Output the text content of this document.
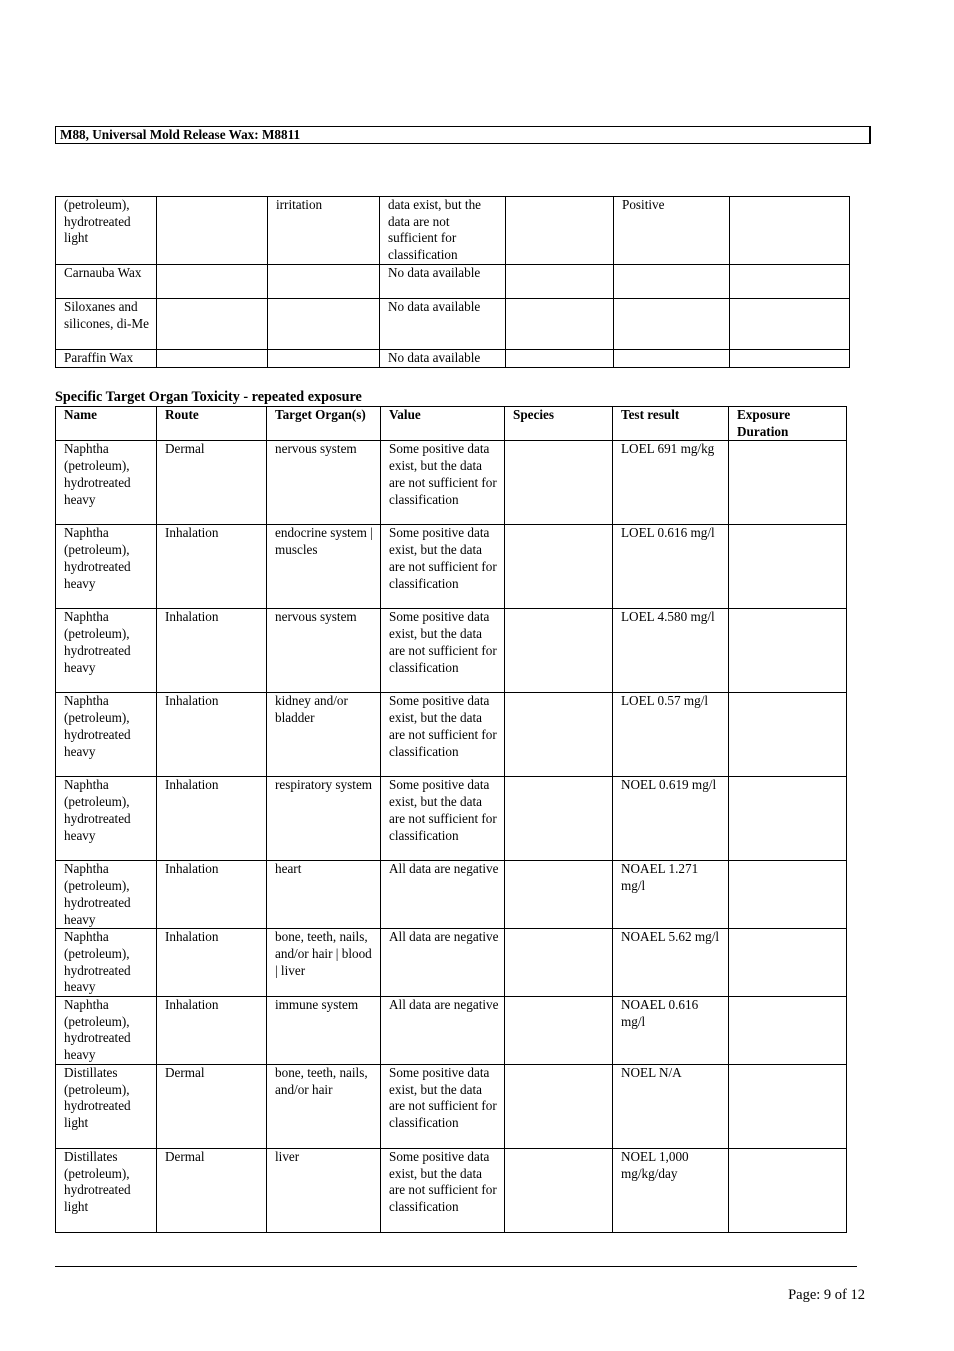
M88, Universal Mold Release Wax: M8811
(petroleum), hydrotreated light		irritation	data exist, but the data are not sufficient for classification		Positive	
Carnauba Wax			No data available			
Siloxanes and silicones, di-Me			No data available			
Paraffin Wax			No data available			
Specific Target Organ Toxicity - repeated exposure
Name	Route	Target Organ(s)	Value	Species	Test result	Exposure Duration
Naphtha (petroleum), hydrotreated heavy	Dermal	nervous system	Some positive data exist, but the data are not sufficient for classification		LOEL 691 mg/kg	
Naphtha (petroleum), hydrotreated heavy	Inhalation	endocrine system | muscles	Some positive data exist, but the data are not sufficient for classification		LOEL 0.616 mg/l	
Naphtha (petroleum), hydrotreated heavy	Inhalation	nervous system	Some positive data exist, but the data are not sufficient for classification		LOEL 4.580 mg/l	
Naphtha (petroleum), hydrotreated heavy	Inhalation	kidney and/or bladder	Some positive data exist, but the data are not sufficient for classification		LOEL 0.57 mg/l	
Naphtha (petroleum), hydrotreated heavy	Inhalation	respiratory system	Some positive data exist, but the data are not sufficient for classification		NOEL 0.619 mg/l	
Naphtha (petroleum), hydrotreated heavy	Inhalation	heart	All data are negative		NOAEL 1.271 mg/l	
Naphtha (petroleum), hydrotreated heavy	Inhalation	bone, teeth, nails, and/or hair | blood | liver	All data are negative		NOAEL 5.62 mg/l	
Naphtha (petroleum), hydrotreated heavy	Inhalation	immune system	All data are negative		NOAEL 0.616 mg/l	
Distillates (petroleum), hydrotreated light	Dermal	bone, teeth, nails, and/or hair	Some positive data exist, but the data are not sufficient for classification		NOEL N/A	
Distillates (petroleum), hydrotreated light	Dermal	liver	Some positive data exist, but the data are not sufficient for classification		NOEL 1,000 mg/kg/day	
Page: 9 of 12
